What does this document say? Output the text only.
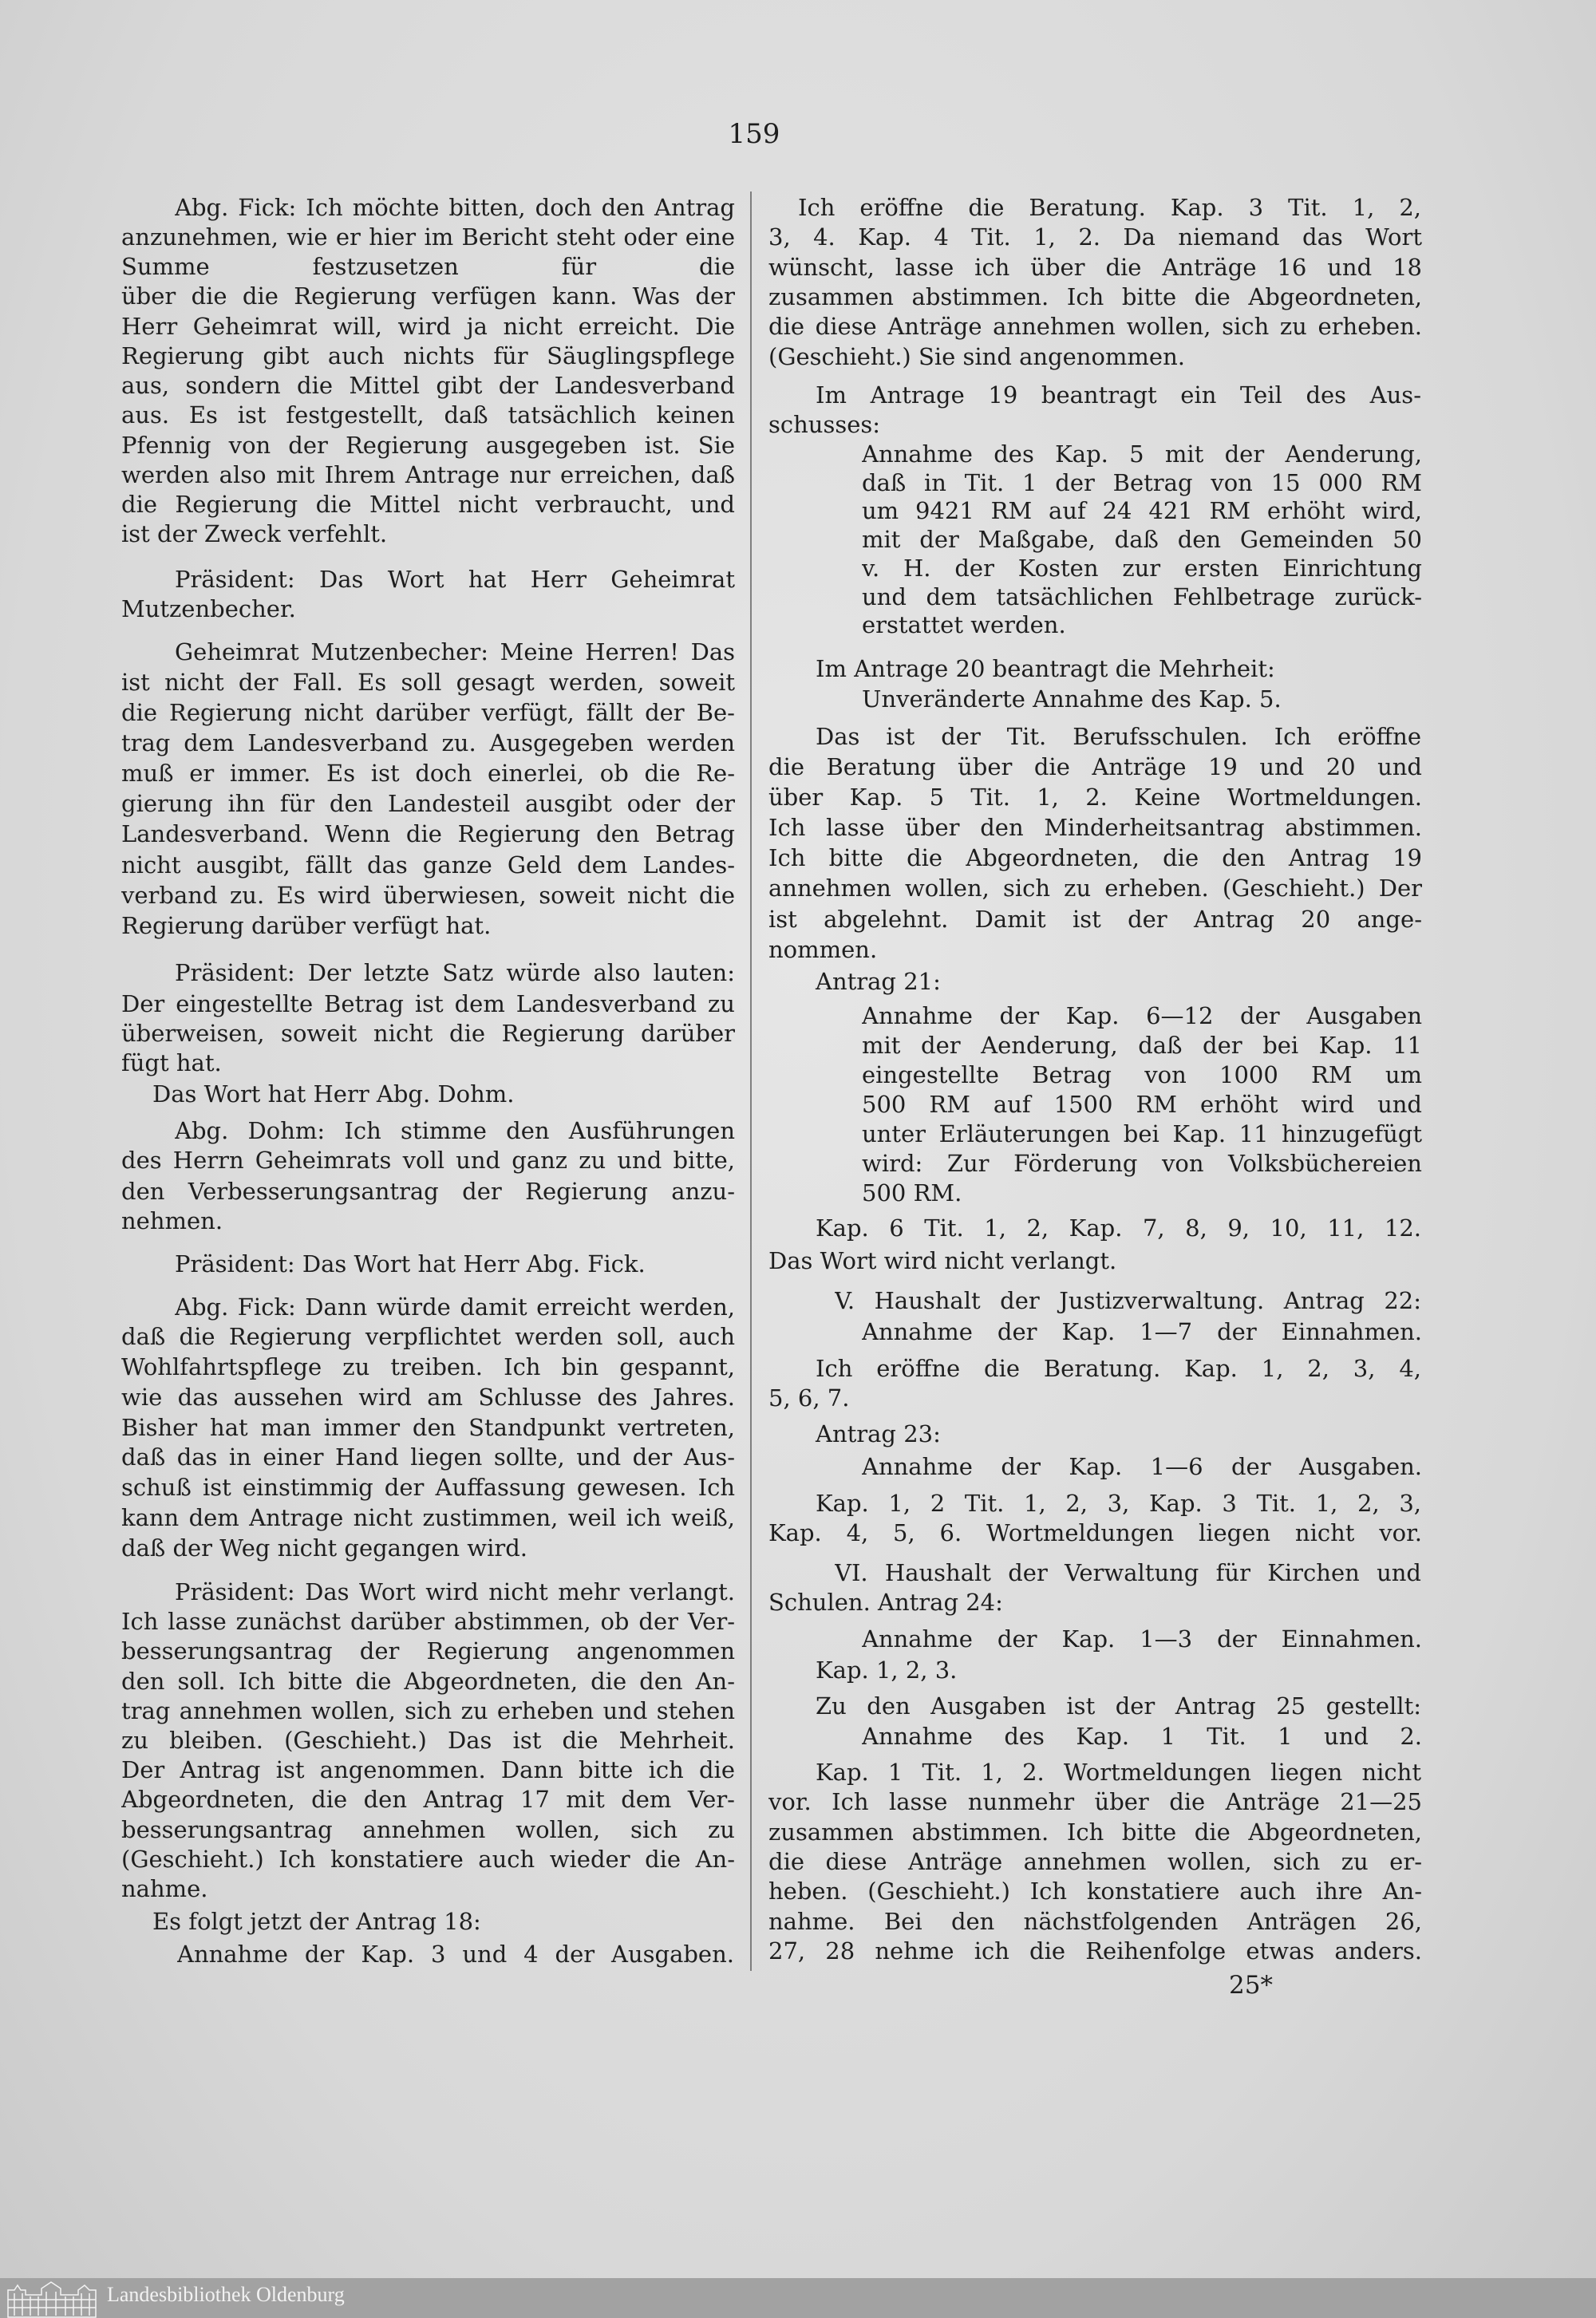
159
Abg. Fick: Ich möchte bitten, doch den Antrag
anzunehmen, wie er hier im Bericht steht oder eine
Summe festzusetzen für die
über die die Regierung verfügen kann. Was der
Herr Geheimrat will, wird ja nicht erreicht. Die
Regierung gibt auch nichts für Säuglingspflege
aus, sondern die Mittel gibt der Landesverband
aus. Es ist festgestellt, daß tatsächlich keinen
Pfennig von der Regierung ausgegeben ist. Sie
werden also mit Ihrem Antrage nur erreichen, daß
die Regierung die Mittel nicht verbraucht, und
ist der Zweck verfehlt.
Präsident: Das Wort hat Herr Geheimrat
Mutzenbecher.
Geheimrat Mutzenbecher: Meine Herren! Das
ist nicht der Fall. Es soll gesagt werden, soweit
die Regierung nicht darüber verfügt, fällt der Be-
trag dem Landesverband zu. Ausgegeben werden
muß er immer. Es ist doch einerlei, ob die Re-
gierung ihn für den Landesteil ausgibt oder der
Landesverband. Wenn die Regierung den Betrag
nicht ausgibt, fällt das ganze Geld dem Landes-
verband zu. Es wird überwiesen, soweit nicht die
Regierung darüber verfügt hat.
Präsident: Der letzte Satz würde also lauten:
Der eingestellte Betrag ist dem Landesverband zu
überweisen, soweit nicht die Regierung darüber
fügt hat.
Das Wort hat Herr Abg. Dohm.
Abg. Dohm: Ich stimme den Ausführungen
des Herrn Geheimrats voll und ganz zu und bitte,
den Verbesserungsantrag der Regierung anzu-
nehmen.
Präsident: Das Wort hat Herr Abg. Fick.
Abg. Fick: Dann würde damit erreicht werden,
daß die Regierung verpflichtet werden soll, auch
Wohlfahrtspflege zu treiben. Ich bin gespannt,
wie das aussehen wird am Schlusse des Jahres.
Bisher hat man immer den Standpunkt vertreten,
daß das in einer Hand liegen sollte, und der Aus-
schuß ist einstimmig der Auffassung gewesen. Ich
kann dem Antrage nicht zustimmen, weil ich weiß,
daß der Weg nicht gegangen wird.
Präsident: Das Wort wird nicht mehr verlangt.
Ich lasse zunächst darüber abstimmen, ob der Ver-
besserungsantrag der Regierung angenommen
den soll. Ich bitte die Abgeordneten, die den An-
trag annehmen wollen, sich zu erheben und stehen
zu bleiben. (Geschieht.) Das ist die Mehrheit.
Der Antrag ist angenommen. Dann bitte ich die
Abgeordneten, die den Antrag 17 mit dem Ver-
besserungsantrag annehmen wollen, sich zu
(Geschieht.) Ich konstatiere auch wieder die An-
nahme.
Es folgt jetzt der Antrag 18:
Annahme der Kap. 3 und 4 der Ausgaben.
Ich eröffne die Beratung. Kap. 3 Tit. 1, 2,
3, 4. Kap. 4 Tit. 1, 2. Da niemand das Wort
wünscht, lasse ich über die Anträge 16 und 18
zusammen abstimmen. Ich bitte die Abgeordneten,
die diese Anträge annehmen wollen, sich zu erheben.
(Geschieht.) Sie sind angenommen.
Im Antrage 19 beantragt ein Teil des Aus-
schusses:
Annahme des Kap. 5 mit der Aenderung,
daß in Tit. 1 der Betrag von 15 000 RM
um 9421 RM auf 24 421 RM erhöht wird,
mit der Maßgabe, daß den Gemeinden 50
v. H. der Kosten zur ersten Einrichtung
und dem tatsächlichen Fehlbetrage zurück-
erstattet werden.
Im Antrage 20 beantragt die Mehrheit:
Unveränderte Annahme des Kap. 5.
Das ist der Tit. Berufsschulen. Ich eröffne
die Beratung über die Anträge 19 und 20 und
über Kap. 5 Tit. 1, 2. Keine Wortmeldungen.
Ich lasse über den Minderheitsantrag abstimmen.
Ich bitte die Abgeordneten, die den Antrag 19
annehmen wollen, sich zu erheben. (Geschieht.) Der
ist abgelehnt. Damit ist der Antrag 20 ange-
nommen.
Antrag 21:
Annahme der Kap. 6—12 der Ausgaben
mit der Aenderung, daß der bei Kap. 11
eingestellte Betrag von 1000 RM um
500 RM auf 1500 RM erhöht wird und
unter Erläuterungen bei Kap. 11 hinzugefügt
wird: Zur Förderung von Volksbüchereien
500 RM.
Kap. 6 Tit. 1, 2, Kap. 7, 8, 9, 10, 11, 12.
Das Wort wird nicht verlangt.
V. Haushalt der Justizverwaltung. Antrag 22:
Annahme der Kap. 1—7 der Einnahmen.
Ich eröffne die Beratung. Kap. 1, 2, 3, 4,
5, 6, 7.
Antrag 23:
Annahme der Kap. 1—6 der Ausgaben.
Kap. 1, 2 Tit. 1, 2, 3, Kap. 3 Tit. 1, 2, 3,
Kap. 4, 5, 6. Wortmeldungen liegen nicht vor.
VI. Haushalt der Verwaltung für Kirchen und
Schulen. Antrag 24:
Annahme der Kap. 1—3 der Einnahmen.
Kap. 1, 2, 3.
Zu den Ausgaben ist der Antrag 25 gestellt:
Annahme des Kap. 1 Tit. 1 und 2.
Kap. 1 Tit. 1, 2. Wortmeldungen liegen nicht
vor. Ich lasse nunmehr über die Anträge 21—25
zusammen abstimmen. Ich bitte die Abgeordneten,
die diese Anträge annehmen wollen, sich zu er-
heben. (Geschieht.) Ich konstatiere auch ihre An-
nahme. Bei den nächstfolgenden Anträgen 26,
27, 28 nehme ich die Reihenfolge etwas anders.
25*
Landesbibliothek Oldenburg
